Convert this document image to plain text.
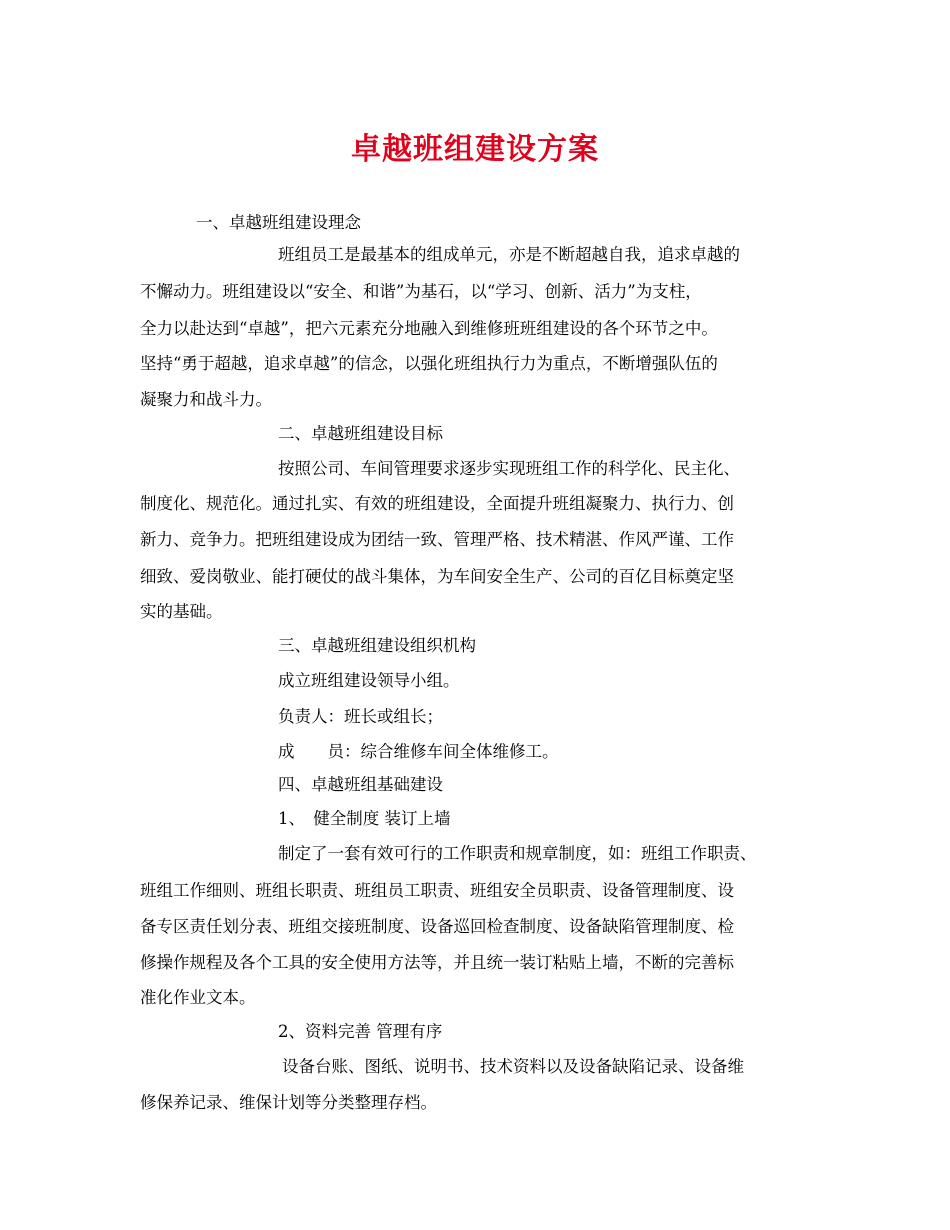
卓越班组建设方案

一、卓越班组建设理念

班组员工是最基本的组成单元，亦是不断超越自我，追求卓越的

不懈动力。班组建设以“安全、和谐”为基石，以“学习、创新、活力”为支柱，

全力以赴达到“卓越”，把六元素充分地融入到维修班班组建设的各个环节之中。

坚持“勇于超越，追求卓越”的信念，以强化班组执行力为重点，不断增强队伍的

凝聚力和战斗力。

二、卓越班组建设目标

按照公司、车间管理要求逐步实现班组工作的科学化、民主化、

制度化、规范化。通过扎实、有效的班组建设，全面提升班组凝聚力、执行力、创

新力、竞争力。把班组建设成为团结一致、管理严格、技术精湛、作风严谨、工作

细致、爱岗敬业、能打硬仗的战斗集体，为车间安全生产、公司的百亿目标奠定坚

实的基础。

三、卓越班组建设组织机构

成立班组建设领导小组。

负责人：班长或组长；

成　　员：综合维修车间全体维修工。

四、卓越班组基础建设

1、　健全制度 装订上墙

制定了一套有效可行的工作职责和规章制度，如：班组工作职责、

班组工作细则、班组长职责、班组员工职责、班组安全员职责、设备管理制度、设

备专区责任划分表、班组交接班制度、设备巡回检查制度、设备缺陷管理制度、检

修操作规程及各个工具的安全使用方法等，并且统一装订粘贴上墙，不断的完善标

准化作业文本。

2、资料完善 管理有序

设备台账、图纸、说明书、技术资料以及设备缺陷记录、设备维

修保养记录、维保计划等分类整理存档。
